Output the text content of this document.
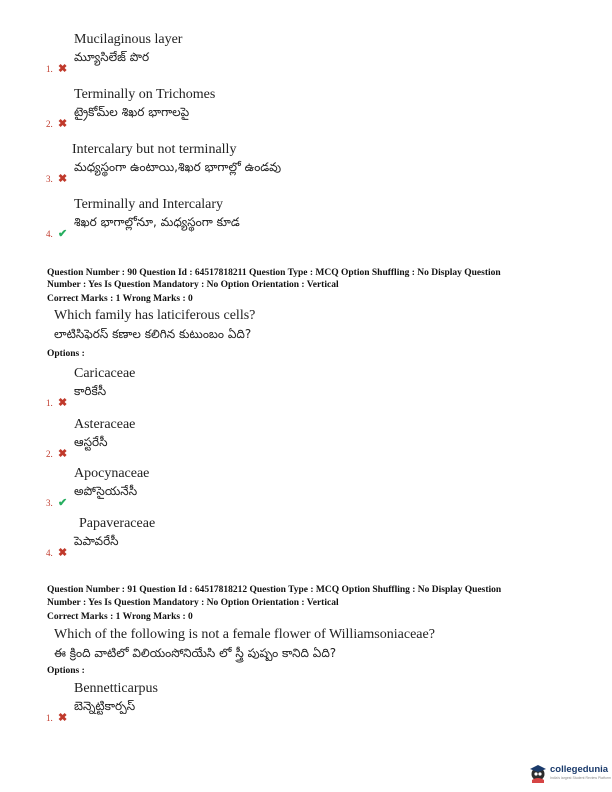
Mucilaginous layer
మ్యూసిలేజ్ పొర
1. ✖
Terminally on Trichomes
ట్రైకోమ్‌ల శిఖర భాగాలపై
2. ✖
Intercalary but not terminally
మధ్యస్థంగా ఉంటాయి,శిఖర భాగాల్లో ఉండవు
3. ✖
Terminally and Intercalary
శిఖర భాగాల్లోనూ, మధ్యస్థంగా కూడ
4. ✔
Question Number : 90 Question Id : 64517818211 Question Type : MCQ Option Shuffling : No Display Question
Number : Yes Is Question Mandatory : No Option Orientation : Vertical
Correct Marks : 1 Wrong Marks : 0
Which family has laticiferous cells?
లాటిసిఫెరస్ కణాల కలిగిన కుటుంబం ఏది?
Options :
Caricaceae
కారికేసీ
1. ✖
Asteraceae
ఆస్టరేసీ
2. ✖
Apocynaceae
అపోసైయనేసీ
3. ✔
Papaveraceae
పెపావరేసీ
4. ✖
Question Number : 91 Question Id : 64517818212 Question Type : MCQ Option Shuffling : No Display Question
Number : Yes Is Question Mandatory : No Option Orientation : Vertical
Correct Marks : 1 Wrong Marks : 0
Which of the following is not a female flower of Williamsoniaceae?
ఈ క్రింది వాటిలో విలియంసోనియేసి లో స్త్రీ పుష్పం కానిది ఏది?
Options :
Bennetticarpus
బెన్నెట్టికార్పస్
1. ✖
collegedunia
India's largest Student Review Platform
